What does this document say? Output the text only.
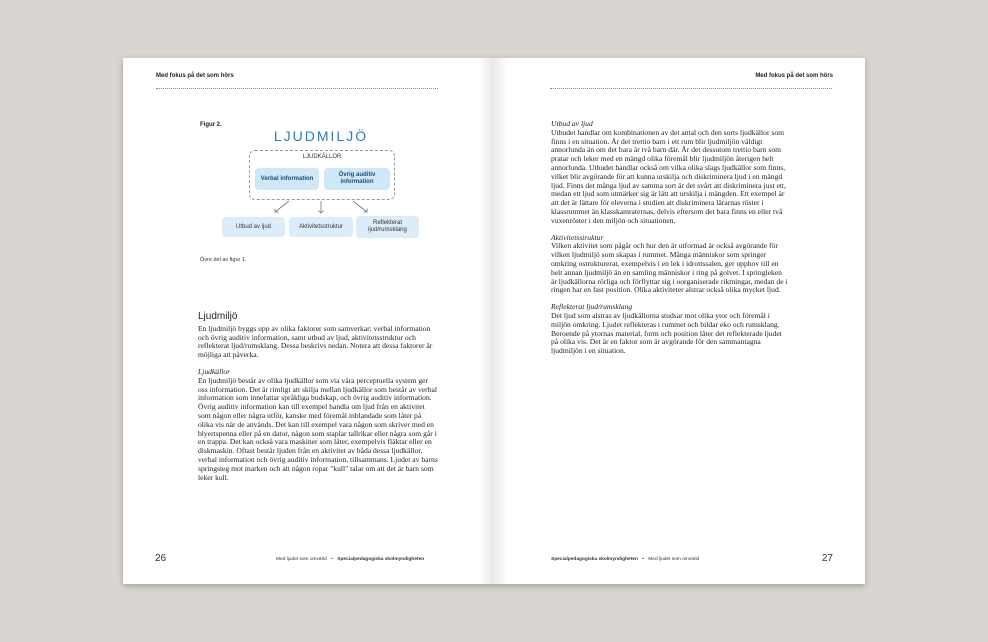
Med fokus på det som hörs
Figur 2.
LJUDMILJÖ
LJUDKÄLLOR
Verbal information
Övrig auditiv information
Utbud av ljud	Aktivitetsstruktur
Reflekterat ljud/rumsklang
Övre del av figur 1.
Ljudmiljö

En ljudmiljö byggs upp av olika faktorer som samverkar: verbal information och övrig auditiv information, samt utbud av ljud, aktivitetsstruktur och reflekterat ljud/rumsklang. Dessa beskrivs nedan. Notera att dessa faktorer är möjliga att påverka.

Ljudkällor

En ljudmiljö består av olika ljudkällor som via våra perceptuella system ger oss information. Det är rimligt att skilja mellan ljudkällor som består av verbal information som innefattar språkliga budskap, och övrig auditiv information. Övrig auditiv information kan till exempel handla om ljud från en aktivitet som någon eller några utför, kanske med föremål inblandade som låter på olika vis när de används. Det kan till exempel vara någon som skriver med en blyertspenna eller på en dator, någon som staplar tallrikar eller några som går i en trappa. Det kan också vara maskiner som låter, exempelvis fläktar eller en diskmaskin. Oftast består ljuden från en aktivitet av båda dessa ljudkällor, verbal information och övrig auditiv information, tillsammans. Ljudet av barns springsteg mot marken och att någon ropar "kull" talar om att det är barn som leker kull.

26	Med ljudet som omvärld • Specialpedagogiska skolmyndigheten
Med fokus på det som hörs

Utbud av ljud

Utbudet handlar om kombinationen av det antal och den sorts ljudkällor som finns i en situation. Är det trettio barn i ett rum blir ljudmiljön väldigt annorlunda än om det bara är två barn där. Är det dessutom trettio barn som pratar och leker med en mängd olika föremål blir ljudmiljön återigen helt annorlunda. Utbudet handlar också om vilka olika slags ljudkällor som finns, vilket blir avgörande för att kunna urskilja och diskriminera ljud i en mängd ljud. Finns det många ljud av samma sort är det svårt att diskriminera just ett, medan ett ljud som utmärker sig är lätt att urskilja i mängden. Ett exempel är att det är lättare för eleverna i studien att diskriminera lärarnas röster i klassrummet än klasskamraternas, delvis eftersom det bara finns en eller två vuxenröster i den miljön och situationen.

Aktivitetsstruktur

Vilken aktivitet som pågår och hur den är utformad är också avgörande för vilken ljudmiljö som skapas i rummet. Många människor som springer omkring ostrukturerat, exempelvis i en lek i idrottssalen, ger upphov till en helt annan ljudmiljö än en samling människor i ring på golvet. I springleken är ljudkällorna rörliga och förflyttar sig i oorganiserade riktningar, medan de i ringen har en fast position. Olika aktiviteter alstrar också olika mycket ljud.

Reflekterat ljud/rumsklang

Det ljud som alstras av ljudkällorna studsar mot olika ytor och föremål i miljön omkring. Ljudet reflekteras i rummet och bildar eko och rumsklang. Beroende på ytornas material, form och position låter det reflekterade ljudet på olika vis. Det är en faktor som är avgörande för den sammantagna ljudmiljön i en situation.

Specialpedagogiska skolmyndigheten • Med ljudet som omvärld	27
